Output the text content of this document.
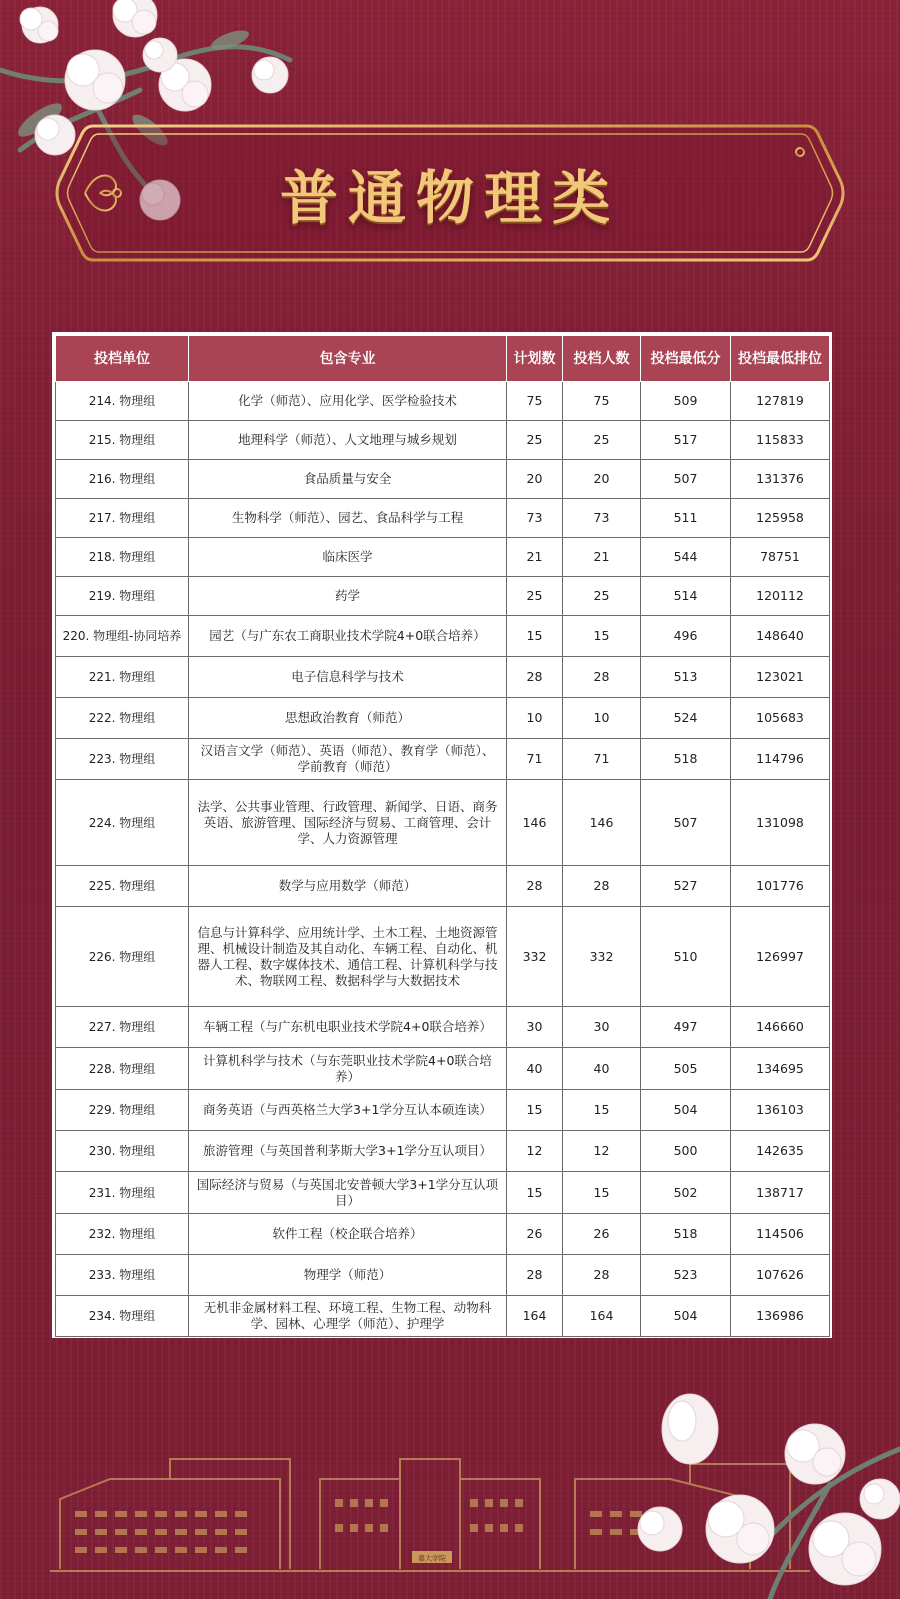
普通物理类
投档单位	包含专业	计划数	投档人数	投档最低分	投档最低排位
214. 物理组	化学（师范）、应用化学、医学检验技术	75	75	509	127819
215. 物理组	地理科学（师范）、人文地理与城乡规划	25	25	517	115833
216. 物理组	食品质量与安全	20	20	507	131376
217. 物理组	生物科学（师范）、园艺、食品科学与工程	73	73	511	125958
218. 物理组	临床医学	21	21	544	78751
219. 物理组	药学	25	25	514	120112
220. 物理组-协同培养	园艺（与广东农工商职业技术学院4+0联合培养）	15	15	496	148640
221. 物理组	电子信息科学与技术	28	28	513	123021
222. 物理组	思想政治教育（师范）	10	10	524	105683
223. 物理组	汉语言文学（师范）、英语（师范）、教育学（师范）、学前教育（师范）	71	71	518	114796
224. 物理组	法学、公共事业管理、行政管理、新闻学、日语、商务英语、旅游管理、国际经济与贸易、工商管理、会计学、人力资源管理	146	146	507	131098
225. 物理组	数学与应用数学（师范）	28	28	527	101776
226. 物理组	信息与计算科学、应用统计学、土木工程、土地资源管理、机械设计制造及其自动化、车辆工程、自动化、机器人工程、数字媒体技术、通信工程、计算机科学与技术、物联网工程、数据科学与大数据技术	332	332	510	126997
227. 物理组	车辆工程（与广东机电职业技术学院4+0联合培养）	30	30	497	146660
228. 物理组	计算机科学与技术（与东莞职业技术学院4+0联合培养）	40	40	505	134695
229. 物理组	商务英语（与西英格兰大学3+1学分互认本硕连读）	15	15	504	136103
230. 物理组	旅游管理（与英国普利茅斯大学3+1学分互认项目）	12	12	500	142635
231. 物理组	国际经济与贸易（与英国北安普顿大学3+1学分互认项目）	15	15	502	138717
232. 物理组	软件工程（校企联合培养）	26	26	518	114506
233. 物理组	物理学（师范）	28	28	523	107626
234. 物理组	无机非金属材料工程、环境工程、生物工程、动物科学、园林、心理学（师范）、护理学	164	164	504	136986
嘉大学院
